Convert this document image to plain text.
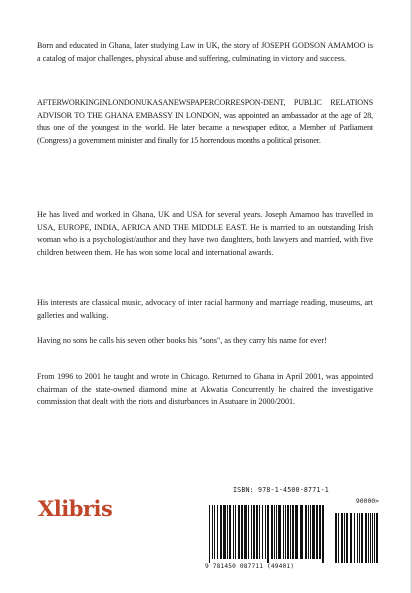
Born and educated in Ghana, later studying Law in UK, the story of JOSEPH GODSON AMAMOO is a catalog of major challenges, physical abuse and suffering, culminating in victory and success.

AFTERWORKINGINLONDONUKASANEWSPAPERCORRESPON-DENT, PUBLIC RELATIONS ADVISOR TO THE GHANA EMBASSY IN LONDON, was appointed an ambassador at the age of 28, thus one of the youngest in the world. He later became a newspaper editor, a Member of Parliament (Congress) a government minister and finally for 15 horrendous months a political prisoner.

He has lived and worked in Ghana, UK and USA for several years. Joseph Amamoo has travelled in USA, EUROPE, INDIA, AFRICA AND THE MIDDLE EAST. He is married to an outstanding Irish woman who is a psychologist/author and they have two daughters, both lawyers and married, with five children between them. He has won some local and international awards.

His interests are classical music, advocacy of inter racial harmony and marriage reading, museums, art galleries and walking.

Having no sons he calls his seven other books his "sons", as they carry his name for ever!

From 1996 to 2001 he taught and wrote in Chicago. Returned to Ghana in April 2001, was appointed chairman of the state-owned diamond mine at Akwatia Concurrently he chaired the investigative commission that dealt with the riots and disturbances in Asutuare in 2000/2001.

Xlibris
ISBN: 978-1-4500-8771-1
90000>
9 781450 087711 (49401)
